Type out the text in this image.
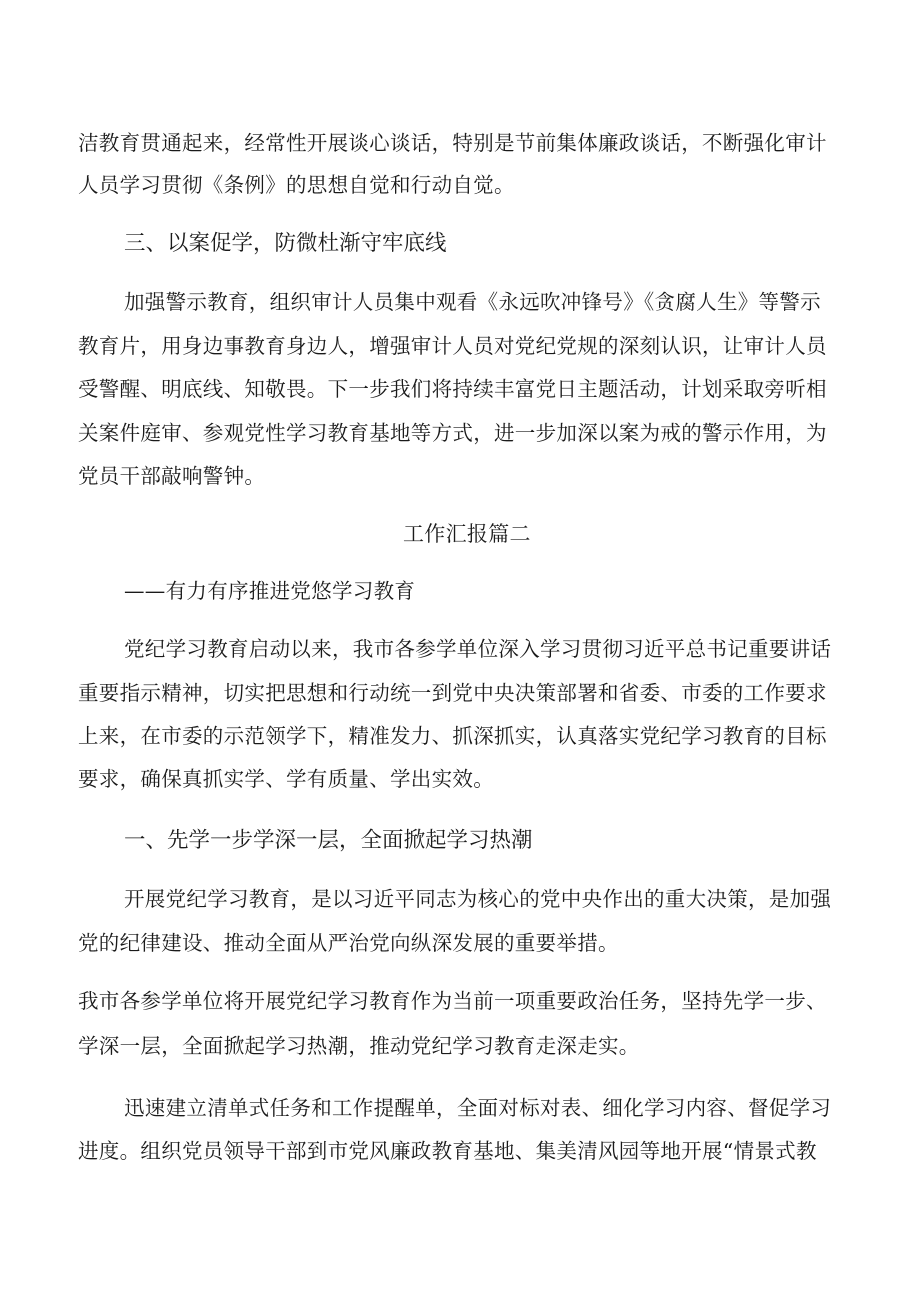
洁教育贯通起来，经常性开展谈心谈话，特别是节前集体廉政谈话，不断强化审计
人员学习贯彻《条例》的思想自觉和行动自觉。
三、以案促学，防微杜渐守牢底线
加强警示教育，组织审计人员集中观看《永远吹冲锋号》《贪腐人生》等警示
教育片，用身边事教育身边人，增强审计人员对党纪党规的深刻认识，让审计人员
受警醒、明底线、知敬畏。下一步我们将持续丰富党日主题活动，计划采取旁听相
关案件庭审、参观党性学习教育基地等方式，进一步加深以案为戒的警示作用，为
党员干部敲响警钟。
工作汇报篇二
——有力有序推进党悠学习教育
党纪学习教育启动以来，我市各参学单位深入学习贯彻习近平总书记重要讲话
重要指示精神，切实把思想和行动统一到党中央决策部署和省委、市委的工作要求
上来，在市委的示范领学下，精准发力、抓深抓实，认真落实党纪学习教育的目标
要求，确保真抓实学、学有质量、学出实效。
一、先学一步学深一层，全面掀起学习热潮
开展党纪学习教育，是以习近平同志为核心的党中央作出的重大决策，是加强
党的纪律建设、推动全面从严治党向纵深发展的重要举措。
我市各参学单位将开展党纪学习教育作为当前一项重要政治任务，坚持先学一步、
学深一层，全面掀起学习热潮，推动党纪学习教育走深走实。
迅速建立清单式任务和工作提醒单，全面对标对表、细化学习内容、督促学习
进度。组织党员领导干部到市党风廉政教育基地、集美清风园等地开展“情景式教
